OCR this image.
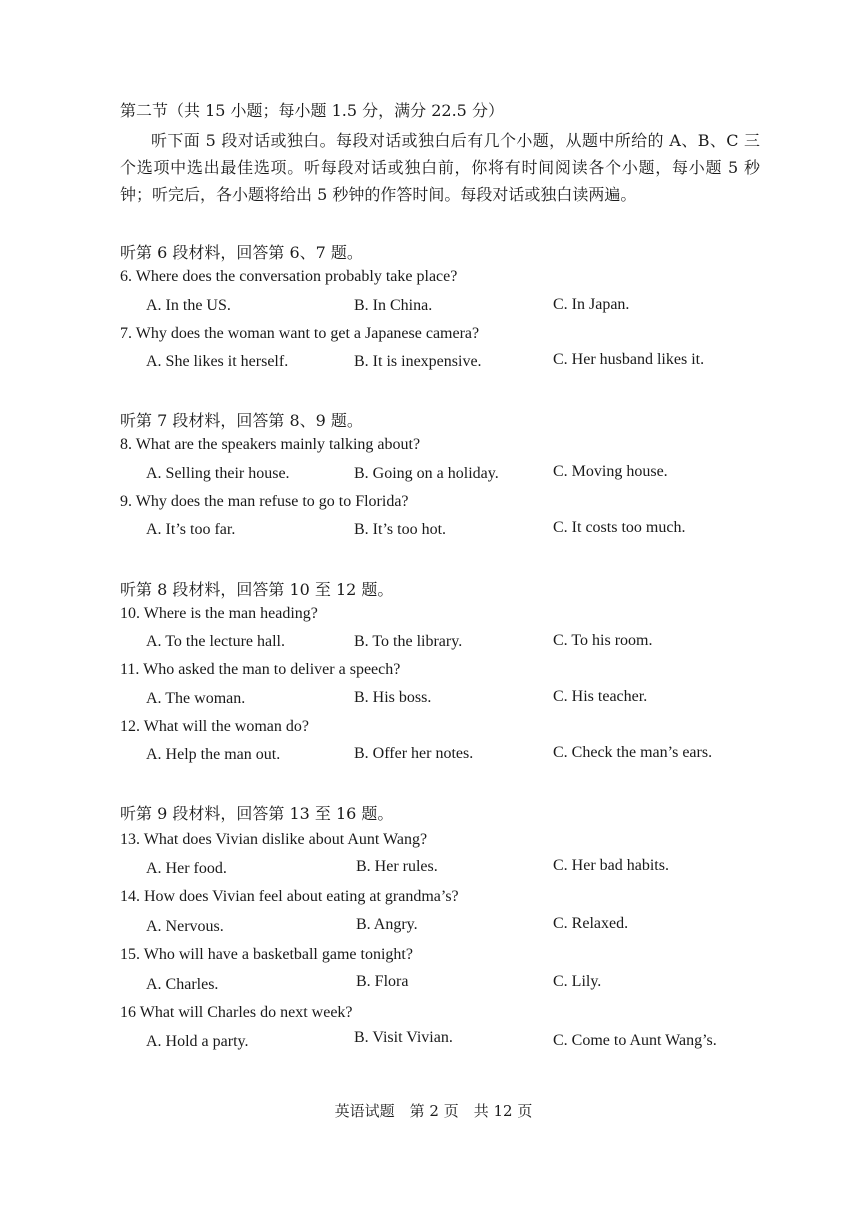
第二节（共 15 小题；每小题 1.5 分，满分 22.5 分）
听下面 5 段对话或独白。每段对话或独白后有几个小题，从题中所给的 A、B、C 三个选项中选出最佳选项。听每段对话或独白前，你将有时间阅读各个小题，每小题 5 秒钟；听完后，各小题将给出 5 秒钟的作答时间。每段对话或独白读两遍。
听第 6 段材料，回答第 6、7 题。
6. Where does the conversation probably take place?
A. In the US.	B. In China.	C. In Japan.
7. Why does the woman want to get a Japanese camera?
A. She likes it herself.	B. It is inexpensive.	C. Her husband likes it.
听第 7 段材料，回答第 8、9 题。
8. What are the speakers mainly talking about?
A. Selling their house.	B. Going on a holiday.	C. Moving house.
9. Why does the man refuse to go to Florida?
A. It’s too far.	B. It’s too hot.	C. It costs too much.
听第 8 段材料，回答第 10 至 12 题。
10. Where is the man heading?
A. To the lecture hall.	B. To the library.	C. To his room.
11. Who asked the man to deliver a speech?
A. The woman.	B. His boss.	C. His teacher.
12. What will the woman do?
A. Help the man out.	B. Offer her notes.	C. Check the man’s ears.
听第 9 段材料，回答第 13 至 16 题。
13. What does Vivian dislike about Aunt Wang?
A. Her food.	B. Her rules.	C. Her bad habits.
14. How does Vivian feel about eating at grandma’s?
A. Nervous.	B. Angry.	C. Relaxed.
15. Who will have a basketball game tonight?
A. Charles.	B. Flora	C. Lily.
16 What will Charles do next week?
A. Hold a party.	B. Visit Vivian.	C. Come to Aunt Wang’s.
英语试题　第 2 页　共 12 页
